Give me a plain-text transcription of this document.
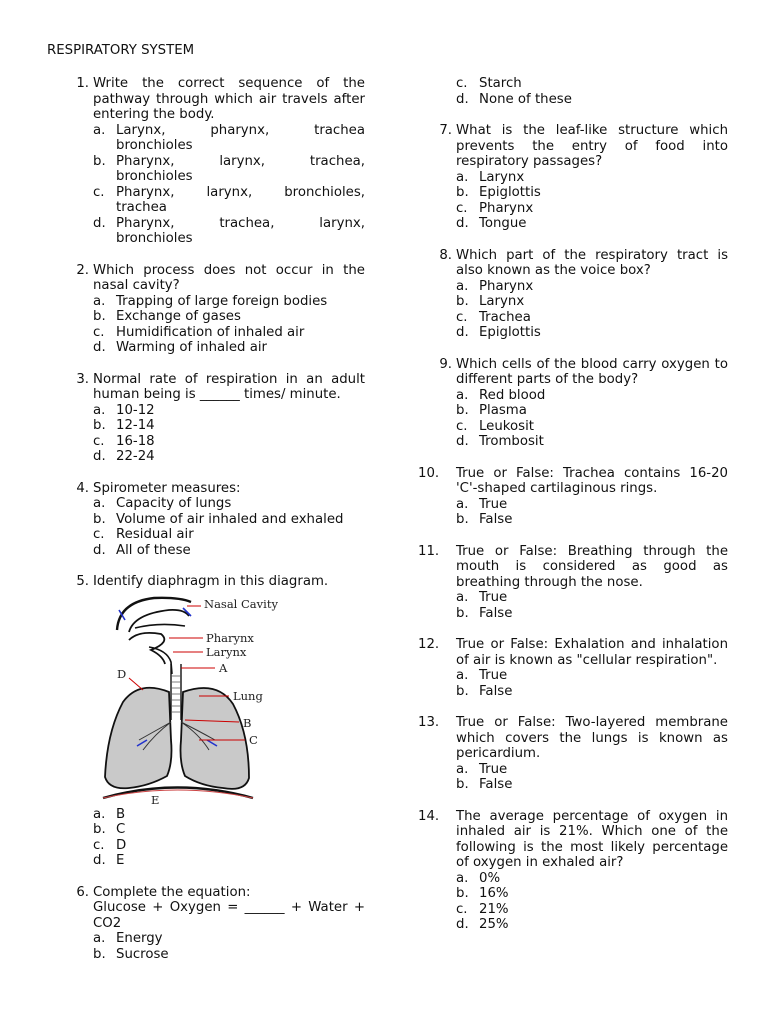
RESPIRATORY SYSTEM
1. Write the correct sequence of the pathway through which air travels after entering the body.
a. Larynx, pharynx, trachea
bronchioles
b. Pharynx, larynx, trachea,
bronchioles
c. Pharynx, larynx, bronchioles,
trachea
d. Pharynx, trachea, larynx,
bronchioles
2. Which process does not occur in the nasal cavity?
a. Trapping of large foreign bodies
b. Exchange of gases
c. Humidification of inhaled air
d. Warming of inhaled air
3. Normal rate of respiration in an adult human being is ______ times/ minute.
a. 10-12
b. 12-14
c. 16-18
d. 22-24
4. Spirometer measures:
a. Capacity of lungs
b. Volume of air inhaled and exhaled
c. Residual air
d. All of these
5. Identify diaphragm in this diagram.
Nasal Cavity
Pharynx
Larynx
A
D
Lung
B
C
E
a. B
b. C
c. D
d. E
6. Complete the equation:
Glucose + Oxygen = ______ + Water + CO2
a. Energy
b. Sucrose
c. Starch
d. None of these
7. What is the leaf-like structure which prevents the entry of food into respiratory passages?
a. Larynx
b. Epiglottis
c. Pharynx
d. Tongue
8. Which part of the respiratory tract is also known as the voice box?
a. Pharynx
b. Larynx
c. Trachea
d. Epiglottis
9. Which cells of the blood carry oxygen to different parts of the body?
a. Red blood
b. Plasma
c. Leukosit
d. Trombosit
10.	True or False: Trachea contains 16-20 'C'-shaped cartilaginous rings.
a. True
b. False
11.	True or False: Breathing through the mouth is considered as good as breathing through the nose.
a. True
b. False
12.	True or False: Exhalation and inhalation of air is known as "cellular respiration".
a. True
b. False
13.	True or False: Two-layered membrane which covers the lungs is known as pericardium.
a. True
b. False
14.	The average percentage of oxygen in inhaled air is 21%. Which one of the following is the most likely percentage of oxygen in exhaled air?
a. 0%
b. 16%
c. 21%
d. 25%
